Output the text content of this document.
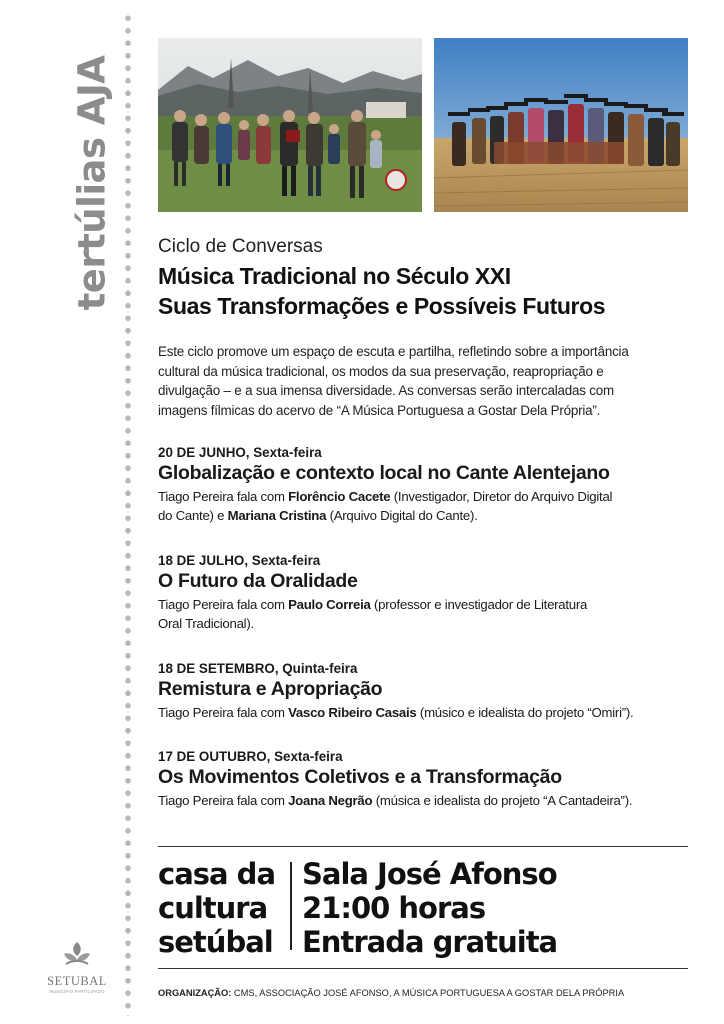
tertúlias AJA Ciclo de Conversas
Música Tradicional no Século XXI
Suas Transformações e Possíveis Futuros
Este ciclo promove um espaço de escuta e partilha, refletindo sobre a importância
cultural da música tradicional, os modos da sua preservação, reapropriação e
divulgação – e a sua imensa diversidade. As conversas serão intercaladas com
imagens fílmicas do acervo de “A Música Portuguesa a Gostar Dela Própria”.
20 DE JUNHO, Sexta-feira
Globalização e contexto local no Cante Alentejano
Tiago Pereira fala com Florêncio Cacete (Investigador, Diretor do Arquivo Digital
do Cante) e Mariana Cristina (Arquivo Digital do Cante).
18 DE JULHO, Sexta-feira
O Futuro da Oralidade
Tiago Pereira fala com Paulo Correia (professor e investigador de Literatura
Oral Tradicional).
18 DE SETEMBRO, Quinta-feira
Remistura e Apropriação
Tiago Pereira fala com Vasco Ribeiro Casais (músico e idealista do projeto “Omiri”).
17 DE OUTUBRO, Sexta-feira
Os Movimentos Coletivos e a Transformação
Tiago Pereira fala com Joana Negrão (música e idealista do projeto “A Cantadeira”).
casa da
cultura
setúbal
Sala José Afonso
21:00 horas
Entrada gratuita
SETUBAL
MUNICÍPIO PARTICIPADO	ORGANIZAÇÃO: CMS, ASSOCIAÇÃO JOSÉ AFONSO, A MÚSICA PORTUGUESA A GOSTAR DELA PRÓPRIA
